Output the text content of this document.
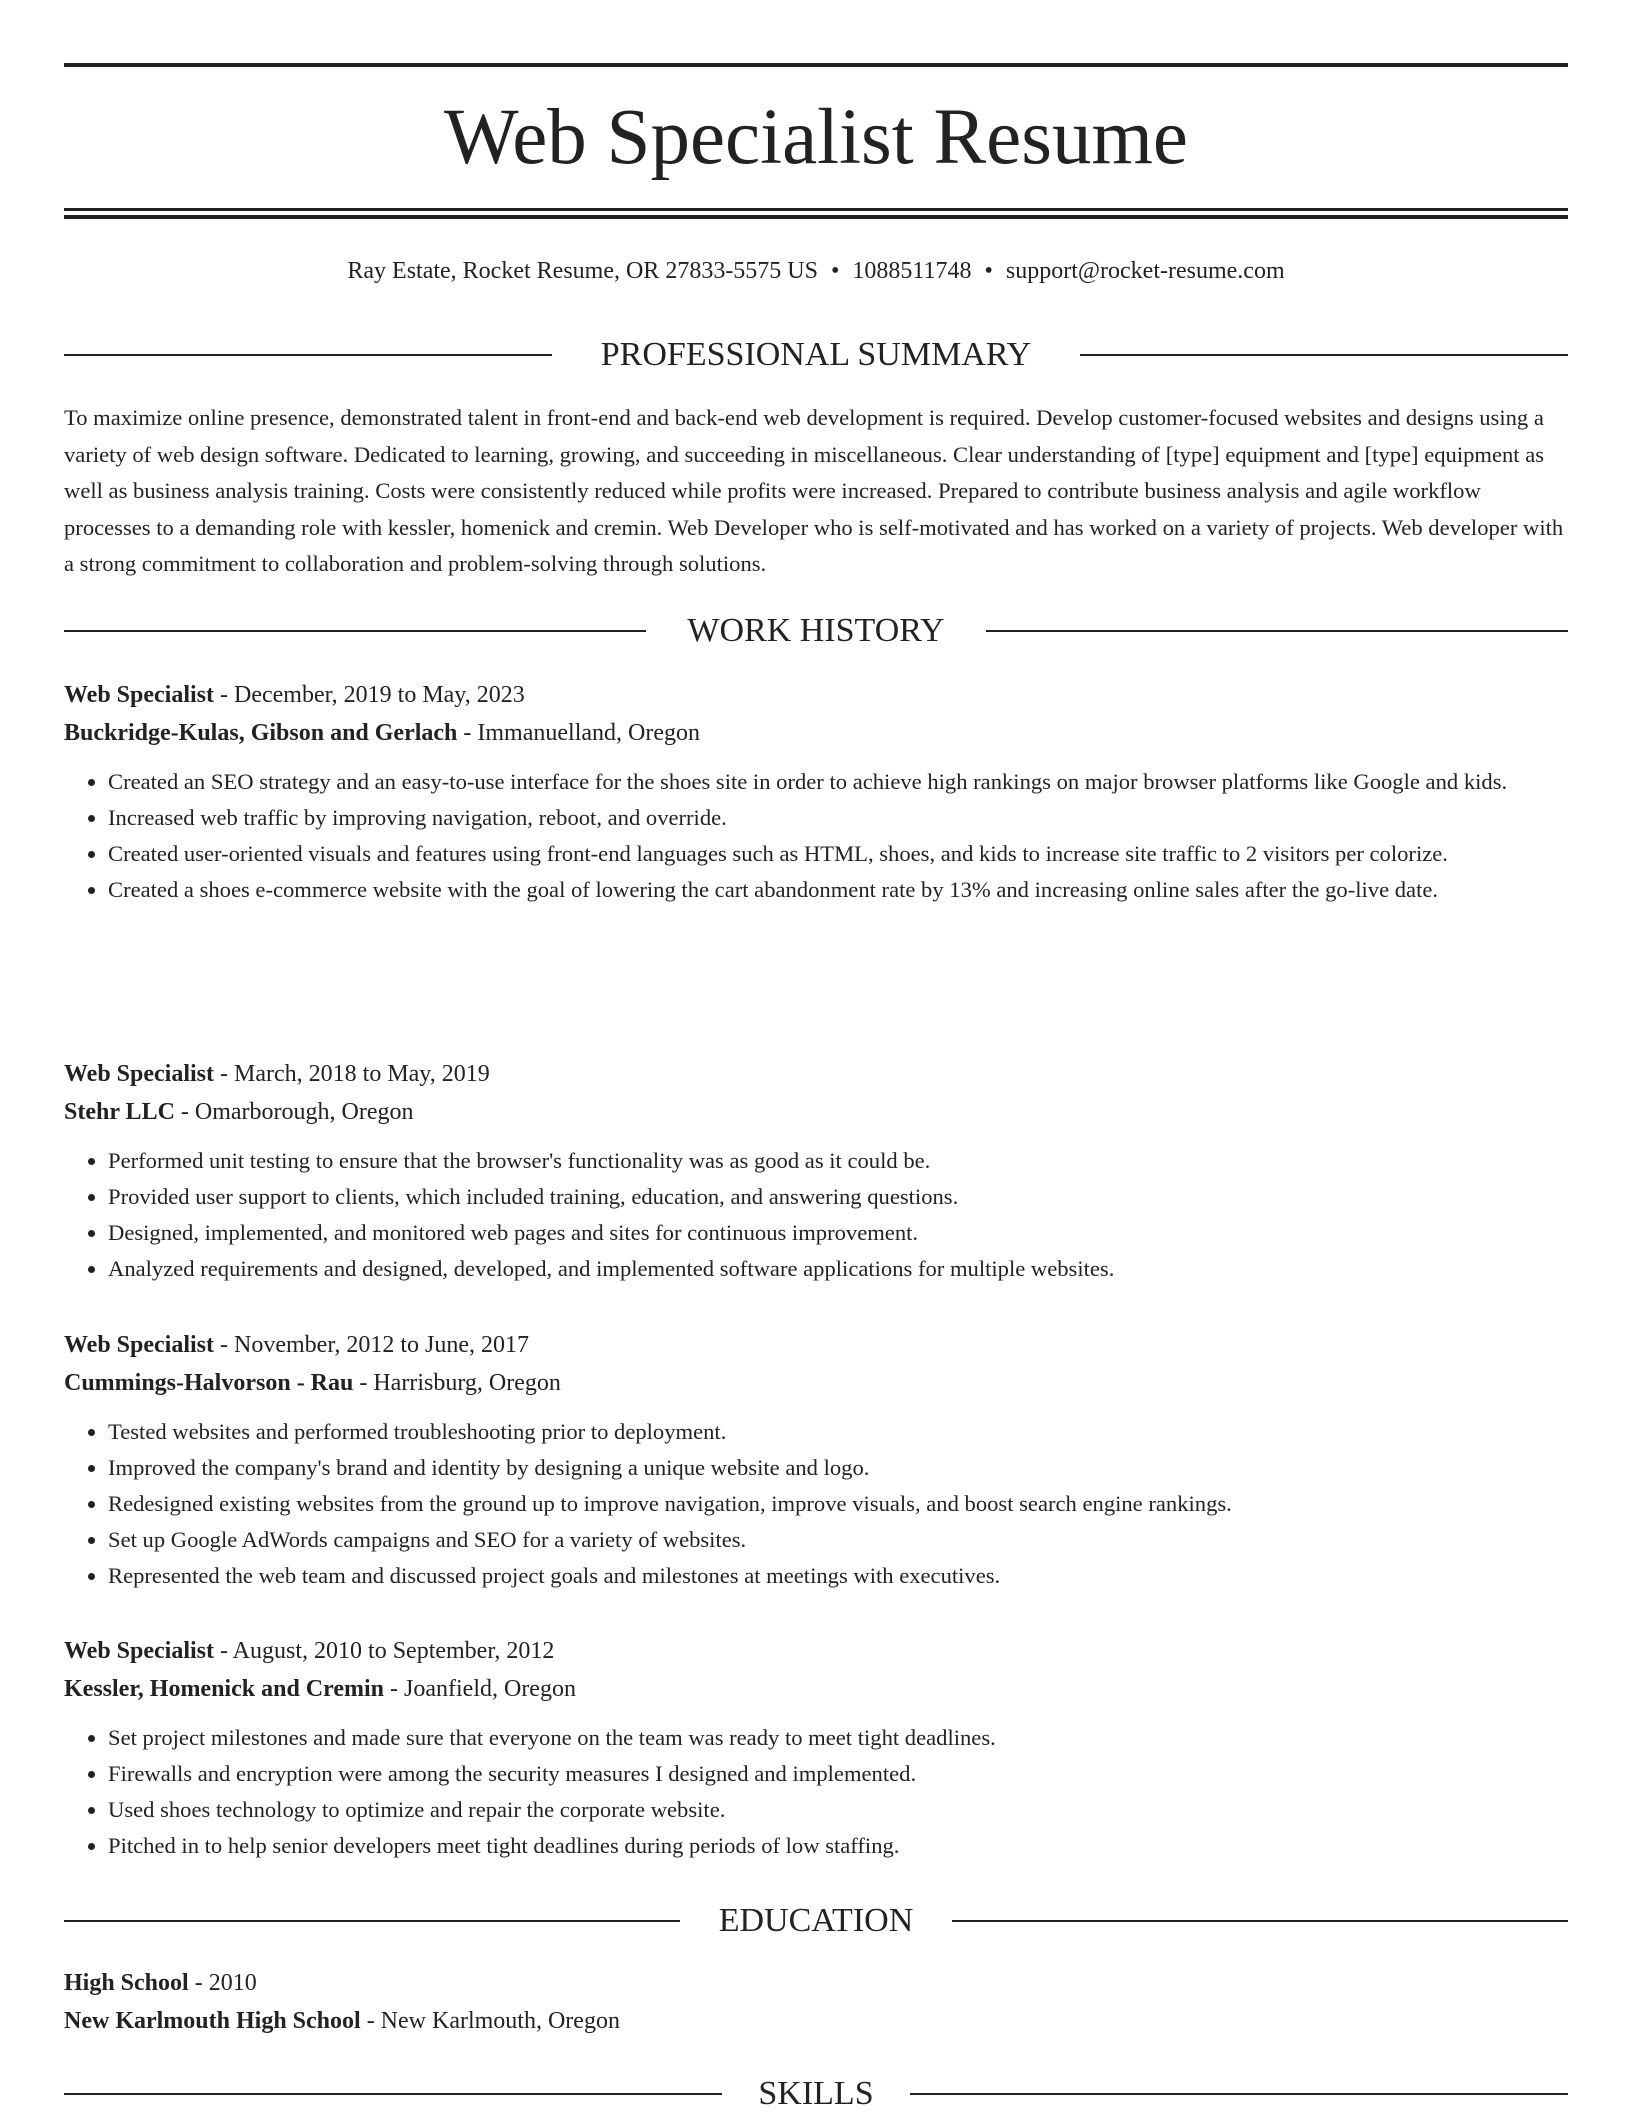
Web Specialist Resume
Ray Estate, Rocket Resume, OR 27833-5575 US • 1088511748 • support@rocket-resume.com
PROFESSIONAL SUMMARY

To maximize online presence, demonstrated talent in front-end and back-end web development is required. Develop customer-focused websites and designs using a variety of web design software. Dedicated to learning, growing, and succeeding in miscellaneous. Clear understanding of [type] equipment and [type] equipment as well as business analysis training. Costs were consistently reduced while profits were increased. Prepared to contribute business analysis and agile workflow processes to a demanding role with kessler, homenick and cremin. Web Developer who is self-motivated and has worked on a variety of projects. Web developer with a strong commitment to collaboration and problem-solving through solutions.

WORK HISTORY
Web Specialist - December, 2019 to May, 2023
Buckridge-Kulas, Gibson and Gerlach - Immanuelland, Oregon
• Created an SEO strategy and an easy-to-use interface for the shoes site in order to achieve high rankings on major browser platforms like Google and kids.
• Increased web traffic by improving navigation, reboot, and override.
• Created user-oriented visuals and features using front-end languages such as HTML, shoes, and kids to increase site traffic to 2 visitors per colorize.
• Created a shoes e-commerce website with the goal of lowering the cart abandonment rate by 13% and increasing online sales after the go-live date.
Web Specialist - March, 2018 to May, 2019
Stehr LLC - Omarborough, Oregon
• Performed unit testing to ensure that the browser's functionality was as good as it could be.
• Provided user support to clients, which included training, education, and answering questions.
• Designed, implemented, and monitored web pages and sites for continuous improvement.
• Analyzed requirements and designed, developed, and implemented software applications for multiple websites.
Web Specialist - November, 2012 to June, 2017
Cummings-Halvorson - Rau - Harrisburg, Oregon
• Tested websites and performed troubleshooting prior to deployment.
• Improved the company's brand and identity by designing a unique website and logo.
• Redesigned existing websites from the ground up to improve navigation, improve visuals, and boost search engine rankings.
• Set up Google AdWords campaigns and SEO for a variety of websites.
• Represented the web team and discussed project goals and milestones at meetings with executives.
Web Specialist - August, 2010 to September, 2012
Kessler, Homenick and Cremin - Joanfield, Oregon
• Set project milestones and made sure that everyone on the team was ready to meet tight deadlines.
• Firewalls and encryption were among the security measures I designed and implemented.
• Used shoes technology to optimize and repair the corporate website.
• Pitched in to help senior developers meet tight deadlines during periods of low staffing.
EDUCATION
High School - 2010
New Karlmouth High School - New Karlmouth, Oregon
SKILLS
